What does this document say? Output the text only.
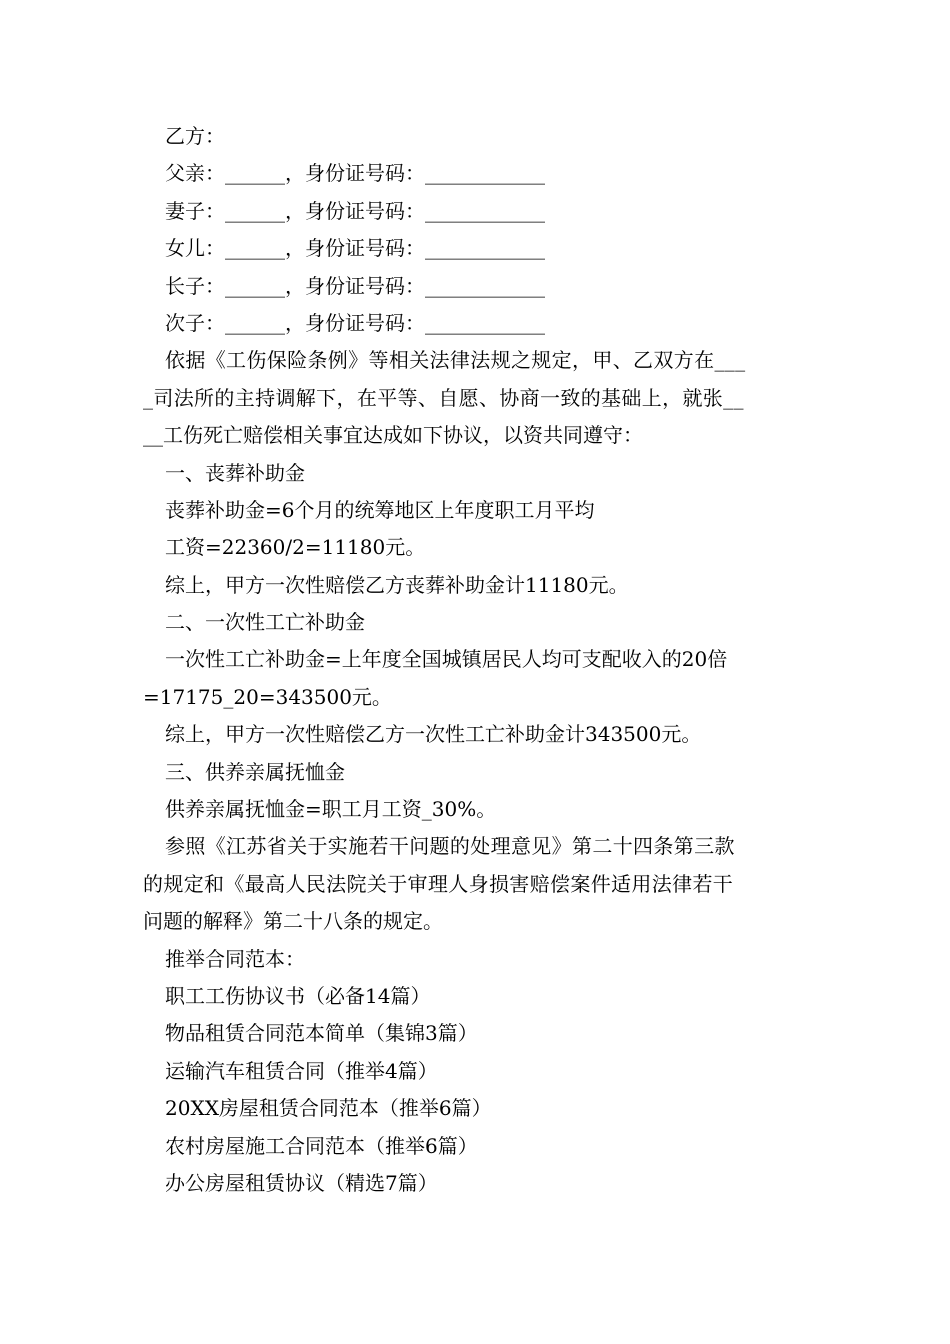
乙方：
父亲：______，身份证号码：____________
妻子：______，身份证号码：____________
女儿：______，身份证号码：____________
长子：______，身份证号码：____________
次子：______，身份证号码：____________
依据《工伤保险条例》等相关法律法规之规定，甲、乙双方在___
_司法所的主持调解下，在平等、自愿、协商一致的基础上，就张__
__工伤死亡赔偿相关事宜达成如下协议，以资共同遵守：
一、丧葬补助金
丧葬补助金=6个月的统筹地区上年度职工月平均
工资=22360/2=11180元。
综上，甲方一次性赔偿乙方丧葬补助金计11180元。
二、一次性工亡补助金
一次性工亡补助金=上年度全国城镇居民人均可支配收入的20倍
=17175_20=343500元。
综上，甲方一次性赔偿乙方一次性工亡补助金计343500元。
三、供养亲属抚恤金
供养亲属抚恤金=职工月工资_30%。
参照《江苏省关于实施若干问题的处理意见》第二十四条第三款
的规定和《最高人民法院关于审理人身损害赔偿案件适用法律若干
问题的解释》第二十八条的规定。
推举合同范本：
职工工伤协议书（必备14篇）
物品租赁合同范本简单（集锦3篇）
运输汽车租赁合同（推举4篇）
20XX房屋租赁合同范本（推举6篇）
农村房屋施工合同范本（推举6篇）
办公房屋租赁协议（精选7篇）
